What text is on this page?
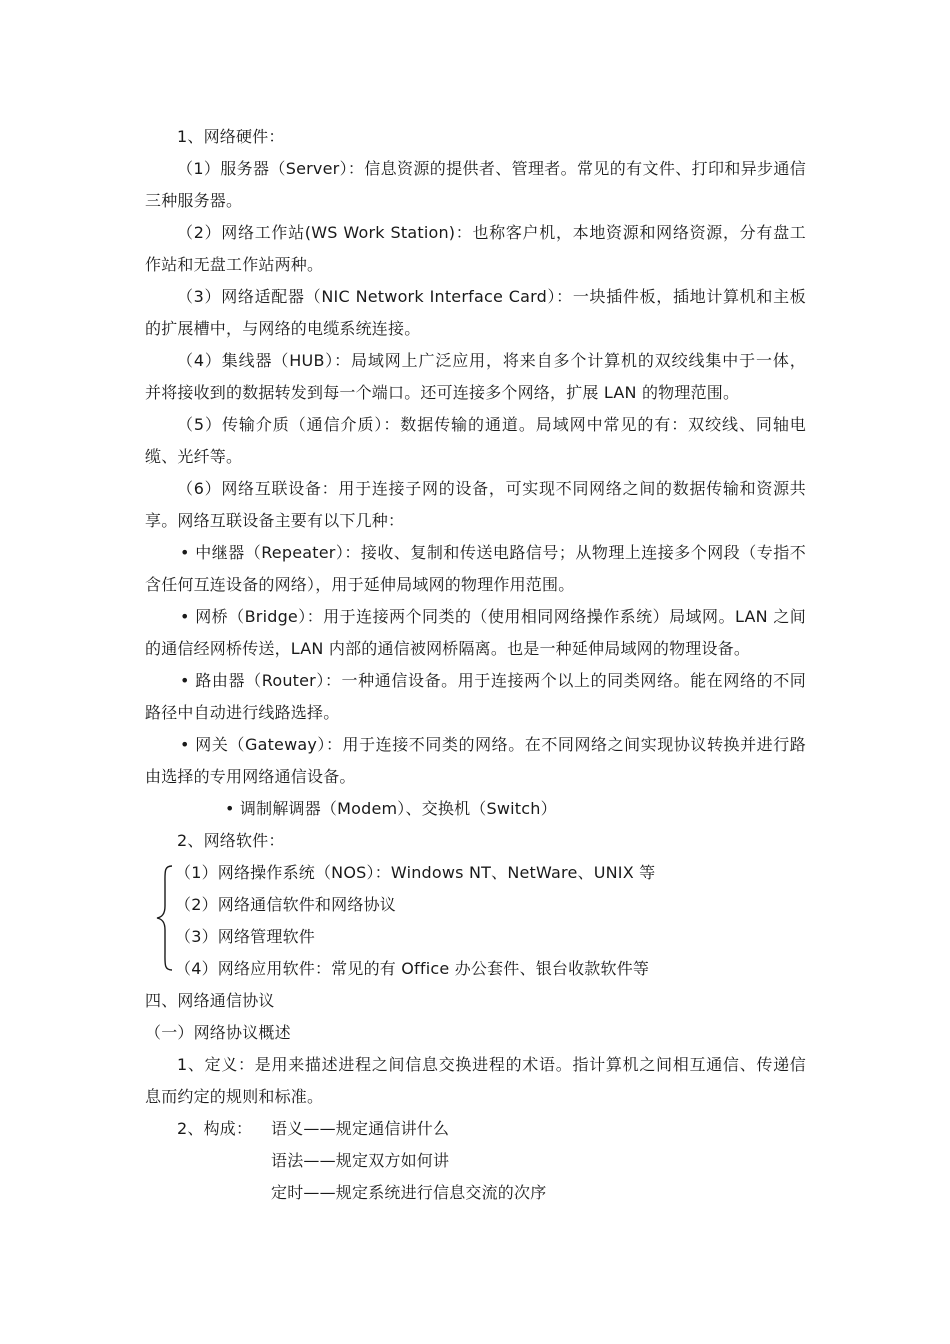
1、网络硬件：
（1）服务器（Server）：信息资源的提供者、管理者。常见的有文件、打印和异步通信
三种服务器。
（2）网络工作站(WS Work Station)：也称客户机，本地资源和网络资源，分有盘工
作站和无盘工作站两种。
（3）网络适配器（NIC Network Interface Card）：一块插件板，插地计算机和主板
的扩展槽中，与网络的电缆系统连接。
（4）集线器（HUB）：局域网上广泛应用，将来自多个计算机的双绞线集中于一体，
并将接收到的数据转发到每一个端口。还可连接多个网络，扩展 LAN 的物理范围。
（5）传输介质（通信介质）：数据传输的通道。局域网中常见的有：双绞线、同轴电
缆、光纤等。
（6）网络互联设备：用于连接子网的设备，可实现不同网络之间的数据传输和资源共
享。网络互联设备主要有以下几种：
• 中继器（Repeater）：接收、复制和传送电路信号；从物理上连接多个网段（专指不
含任何互连设备的网络），用于延伸局域网的物理作用范围。
• 网桥（Bridge）：用于连接两个同类的（使用相同网络操作系统）局域网。LAN 之间
的通信经网桥传送，LAN 内部的通信被网桥隔离。也是一种延伸局域网的物理设备。
• 路由器（Router）：一种通信设备。用于连接两个以上的同类网络。能在网络的不同
路径中自动进行线路选择。
• 网关（Gateway）：用于连接不同类的网络。在不同网络之间实现协议转换并进行路
由选择的专用网络通信设备。
• 调制解调器（Modem）、交换机（Switch）
2、网络软件：
（1）网络操作系统（NOS）：Windows NT、NetWare、UNIX 等
（2）网络通信软件和网络协议
（3）网络管理软件
（4）网络应用软件：常见的有 Office 办公套件、银台收款软件等
四、网络通信协议
（一）网络协议概述
1、定义：是用来描述进程之间信息交换进程的术语。指计算机之间相互通信、传递信
息而约定的规则和标准。
2、构成： 语义——规定通信讲什么
语法——规定双方如何讲
定时——规定系统进行信息交流的次序
